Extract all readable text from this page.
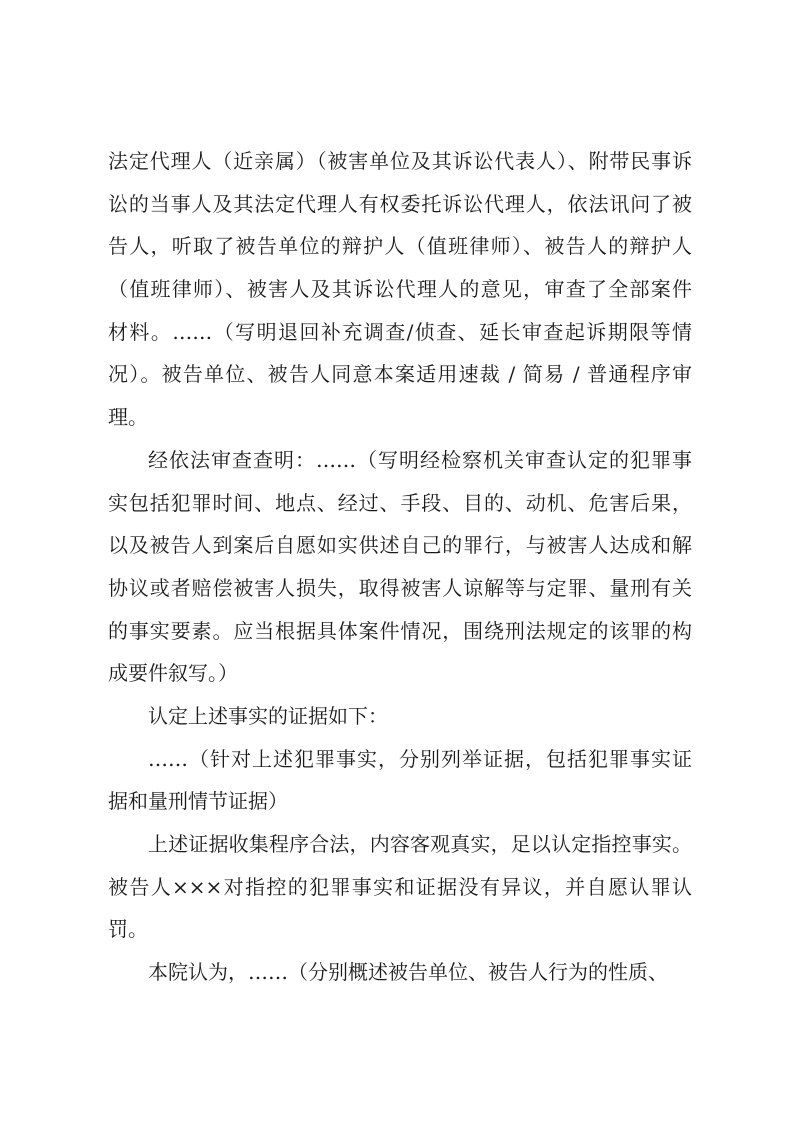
法定代理人（近亲属）（被害单位及其诉讼代表人）、附带民事诉
讼的当事人及其法定代理人有权委托诉讼代理人，依法讯问了被
告人，听取了被告单位的辩护人（值班律师）、被告人的辩护人
（值班律师）、被害人及其诉讼代理人的意见，审查了全部案件
材料。……（写明退回补充调查/侦查、延长审查起诉期限等情
况）。被告单位、被告人同意本案适用速裁 / 简易 / 普通程序审
理。
经依法审查查明：……（写明经检察机关审查认定的犯罪事
实包括犯罪时间、地点、经过、手段、目的、动机、危害后果，
以及被告人到案后自愿如实供述自己的罪行，与被害人达成和解
协议或者赔偿被害人损失，取得被害人谅解等与定罪、量刑有关
的事实要素。应当根据具体案件情况，围绕刑法规定的该罪的构
成要件叙写。）
认定上述事实的证据如下：
……（针对上述犯罪事实，分别列举证据，包括犯罪事实证
据和量刑情节证据）
上述证据收集程序合法，内容客观真实，足以认定指控事实。
被告人×××对指控的犯罪事实和证据没有异议，并自愿认罪认
罚。
本院认为，……（分别概述被告单位、被告人行为的性质、
